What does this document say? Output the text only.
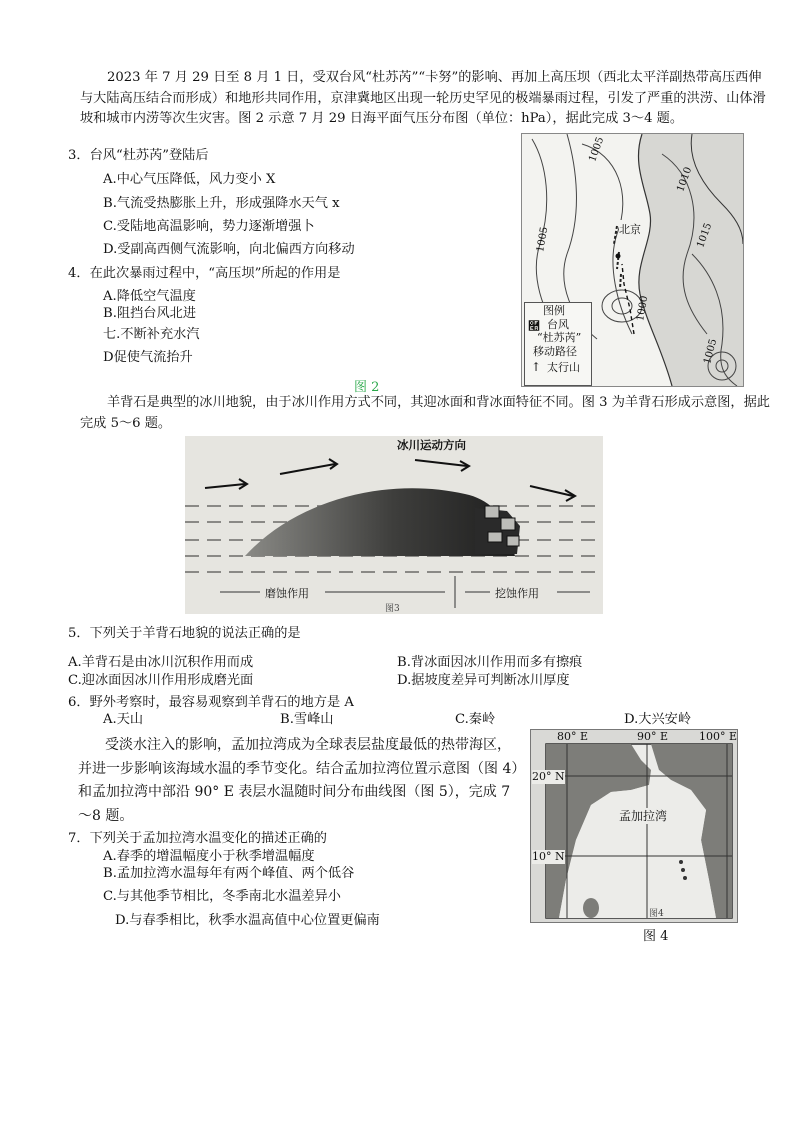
2023 年 7 月 29 日至 8 月 1 日，受双台风“杜苏芮”“卡努”的影响、再加上高压坝（西北太平洋副热带高压西伸与大陆高压结合而形成）和地形共同作用，京津冀地区出现一轮历史罕见的极端暴雨过程，引发了严重的洪涝、山体滑坡和城市内涝等次生灾害。图 2 示意 7 月 29 日海平面气压分布图（单位：hPa），据此完成 3～4 题。
3．台风“杜苏芮”登陆后
A.中心气压降低，风力变小 X
B.气流受热膨胀上升，形成强降水天气 x
C.受陆地高温影响，势力逐渐增强卜
D.受副高西侧气流影响，向北偏西方向移动
4．在此次暴雨过程中，“高压坝”所起的作用是
A.降低空气温度
B.阻挡台风北进
七.不断补充水汽
D促使气流抬升
1005
1010
1015
1005
1000
1005
北京
图例
࿪ 台风
“杜苏芮”
移动路径
↑ 太行山
图 2
羊背石是典型的冰川地貌，由于冰川作用方式不同，其迎冰面和背冰面特征不同。图 3 为羊背石形成示意图，据此完成 5～6 题。
冰川运动方向
磨蚀作用	挖蚀作用
图3
5．下列关于羊背石地貌的说法正确的是
A.羊背石是由冰川沉积作用而成	B.背冰面因冰川作用而多有擦痕
C.迎冰面因冰川作用形成磨光面	D.据坡度差异可判断冰川厚度
6．野外考察时，最容易观察到羊背石的地方是 A
A.天山	B.雪峰山	C.秦岭	D.大兴安岭
受淡水注入的影响，孟加拉湾成为全球表层盐度最低的热带海区，并进一步影响该海域水温的季节变化。结合孟加拉湾位置示意图（图 4）和孟加拉湾中部沿 90° E 表层水温随时间分布曲线图（图 5），完成 7～8 题。
7．下列关于孟加拉湾水温变化的描述正确的
A.春季的增温幅度小于秋季增温幅度
B.孟加拉湾水温每年有两个峰值、两个低谷
C.与其他季节相比，冬季南北水温差异小
D.与春季相比，秋季水温高值中心位置更偏南
80° E	90° E	100° E
20° N
10° N
孟加拉湾
图4
图 4
